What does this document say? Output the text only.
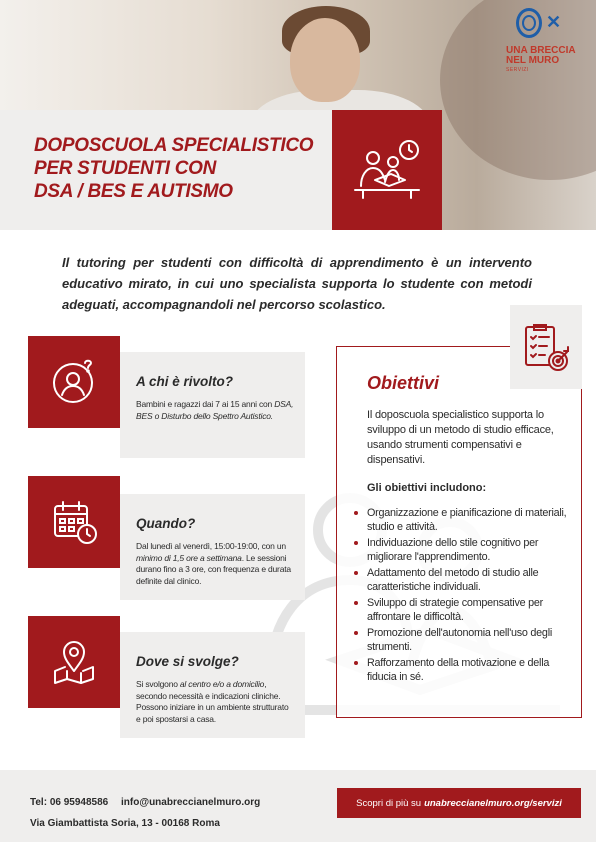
✕
UNA BRECCIA
NEL MURO
SERVIZI
DOPOSCUOLA SPECIALISTICO
PER STUDENTI CON
DSA / BES E AUTISMO

Il tutoring per studenti con difficoltà di apprendimento è un intervento educativo mirato, in cui uno specialista supporta lo studente con metodi adeguati, accompagnandoli nel percorso scolastico.

A chi è rivolto?

Bambini e ragazzi dai 7 ai 15 anni con DSA, BES o Disturbo dello Spettro Autistico.

Quando?

Dal lunedì al venerdì, 15:00-19:00, con un minimo di 1,5 ore a settimana. Le sessioni durano fino a 3 ore, con frequenza e durata definite dal clinico.

Dove si svolge?

Si svolgono al centro e/o a domicilio, secondo necessità e indicazioni cliniche. Possono iniziare in un ambiente strutturato e poi spostarsi a casa.

Obiettivi

Il doposcuola specialistico supporta lo sviluppo di un metodo di studio efficace, usando strumenti compensativi e dispensativi.

Gli obiettivi includono:

Organizzazione e pianificazione di materiali, studio e attività.
Individuazione dello stile cognitivo per migliorare l'apprendimento.
Adattamento del metodo di studio alle caratteristiche individuali.
Sviluppo di strategie compensative per affrontare le difficoltà.
Promozione dell'autonomia nell'uso degli strumenti.
Rafforzamento della motivazione e della fiducia in sé.
Tel: 06 95948586 info@unabreccianelmuro.org
Via Giambattista Soria, 13 - 00168 Roma
Scopri di più su unabreccianelmuro.org/servizi
